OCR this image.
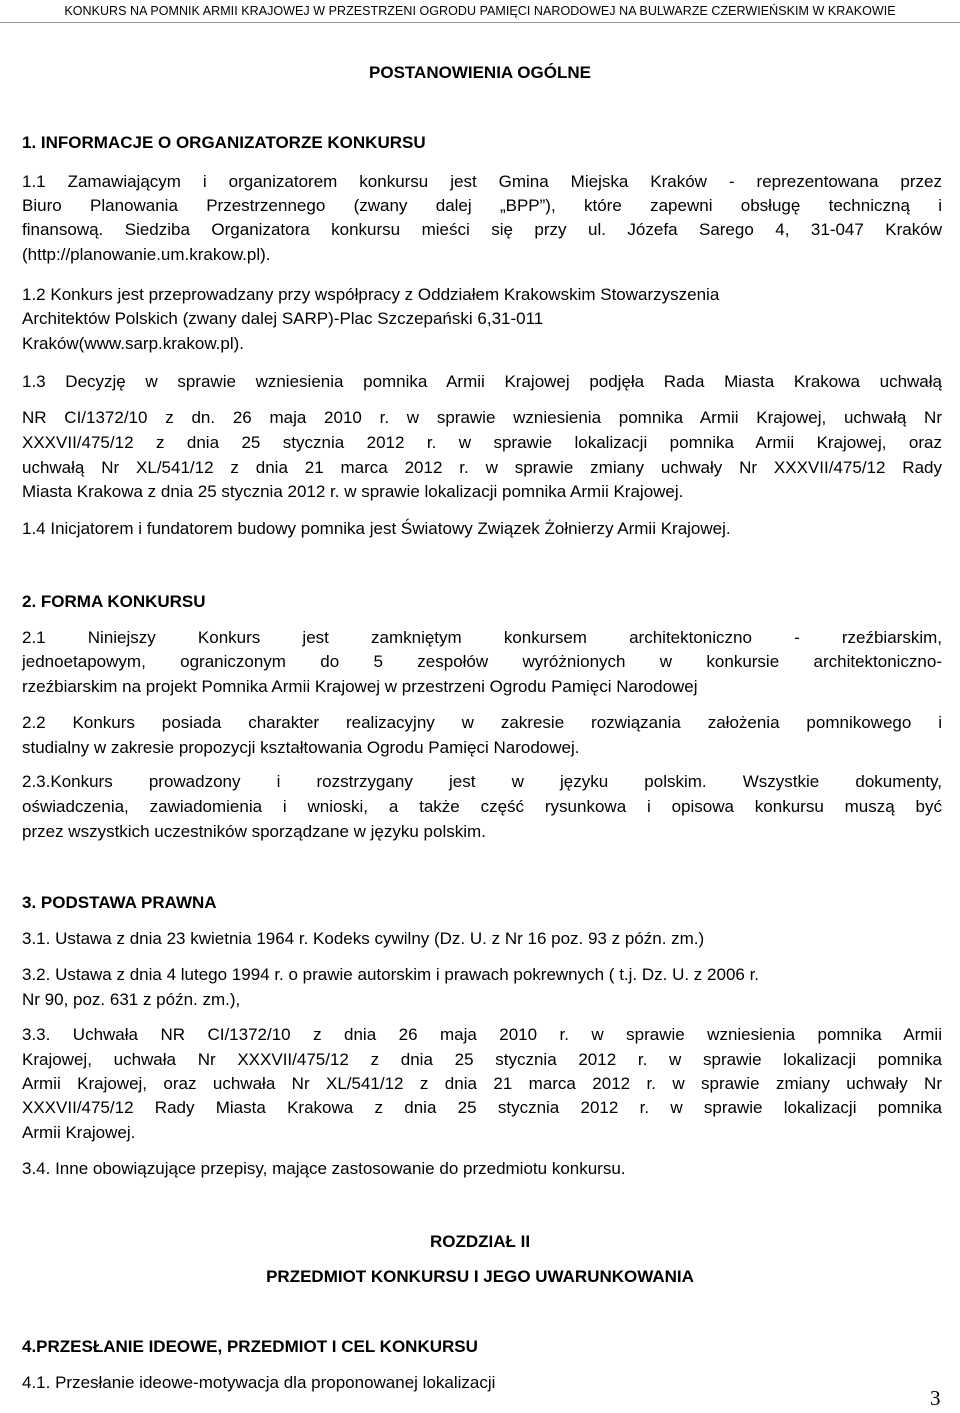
KONKURS NA POMNIK ARMII KRAJOWEJ W PRZESTRZENI OGRODU PAMIĘCI NARODOWEJ NA BULWARZE CZERWIEŃSKIM W KRAKOWIE
POSTANOWIENIA OGÓLNE
1. INFORMACJE O ORGANIZATORZE KONKURSU
1.1 Zamawiającym i organizatorem konkursu jest Gmina Miejska Kraków - reprezentowana przez
Biuro Planowania Przestrzennego (zwany dalej „BPP”), które zapewni obsługę techniczną i
finansową. Siedziba Organizatora konkursu mieści się przy ul. Józefa Sarego 4, 31-047 Kraków
(http://planowanie.um.krakow.pl).
1.2 Konkurs jest przeprowadzany przy współpracy z Oddziałem Krakowskim Stowarzyszenia
Architektów Polskich (zwany dalej SARP)-Plac Szczepański 6,31-011
Kraków(www.sarp.krakow.pl).
1.3 Decyzję w sprawie wzniesienia pomnika Armii Krajowej podjęła Rada Miasta Krakowa uchwałą
NR CI/1372/10 z dn. 26 maja 2010 r. w sprawie wzniesienia pomnika Armii Krajowej, uchwałą Nr
XXXVII/475/12 z dnia 25 stycznia 2012 r. w sprawie lokalizacji pomnika Armii Krajowej, oraz
uchwałą Nr XL/541/12 z dnia 21 marca 2012 r. w sprawie zmiany uchwały Nr XXXVII/475/12 Rady
Miasta Krakowa z dnia 25 stycznia 2012 r. w sprawie lokalizacji pomnika Armii Krajowej.
1.4 Inicjatorem i fundatorem budowy pomnika jest Światowy Związek Żołnierzy Armii Krajowej.
2. FORMA KONKURSU
2.1 Niniejszy Konkurs jest zamkniętym konkursem architektoniczno - rzeźbiarskim,
jednoetapowym, ograniczonym do 5 zespołów wyróżnionych w konkursie architektoniczno-
rzeźbiarskim na projekt Pomnika Armii Krajowej w przestrzeni Ogrodu Pamięci Narodowej
2.2 Konkurs posiada charakter realizacyjny w zakresie rozwiązania założenia pomnikowego i
studialny w zakresie propozycji kształtowania Ogrodu Pamięci Narodowej.
2.3.Konkurs prowadzony i rozstrzygany jest w języku polskim. Wszystkie dokumenty,
oświadczenia, zawiadomienia i wnioski, a także część rysunkowa i opisowa konkursu muszą być
przez wszystkich uczestników sporządzane w języku polskim.
3. PODSTAWA PRAWNA
3.1. Ustawa z dnia 23 kwietnia 1964 r. Kodeks cywilny (Dz. U. z Nr 16 poz. 93 z późn. zm.)
3.2. Ustawa z dnia 4 lutego 1994 r. o prawie autorskim i prawach pokrewnych ( t.j. Dz. U. z 2006 r.
Nr 90, poz. 631 z późn. zm.),
3.3. Uchwała NR CI/1372/10 z dnia 26 maja 2010 r. w sprawie wzniesienia pomnika Armii
Krajowej, uchwała Nr XXXVII/475/12 z dnia 25 stycznia 2012 r. w sprawie lokalizacji pomnika
Armii Krajowej, oraz uchwała Nr XL/541/12 z dnia 21 marca 2012 r. w sprawie zmiany uchwały Nr
XXXVII/475/12 Rady Miasta Krakowa z dnia 25 stycznia 2012 r. w sprawie lokalizacji pomnika
Armii Krajowej.
3.4. Inne obowiązujące przepisy, mające zastosowanie do przedmiotu konkursu.
ROZDZIAŁ II
PRZEDMIOT KONKURSU I JEGO UWARUNKOWANIA
4.PRZESŁANIE IDEOWE, PRZEDMIOT I CEL KONKURSU
4.1. Przesłanie ideowe-motywacja dla proponowanej lokalizacji
3
